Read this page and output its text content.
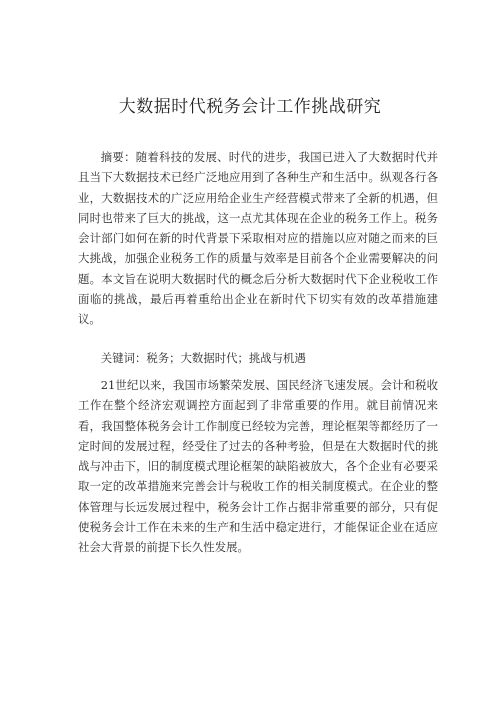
大数据时代税务会计工作挑战研究
摘要：随着科技的发展、时代的进步，我国已进入了大数据时代并且当下大数据技术已经广泛地应用到了各种生产和生活中。纵观各行各业，大数据技术的广泛应用给企业生产经营模式带来了全新的机遇，但同时也带来了巨大的挑战，这一点尤其体现在企业的税务工作上。税务会计部门如何在新的时代背景下采取相对应的措施以应对随之而来的巨大挑战，加强企业税务工作的质量与效率是目前各个企业需要解决的问题。本文旨在说明大数据时代的概念后分析大数据时代下企业税收工作面临的挑战，最后再着重给出企业在新时代下切实有效的改革措施建议。
关键词：税务；大数据时代；挑战与机遇
21世纪以来，我国市场繁荣发展、国民经济飞速发展。会计和税收工作在整个经济宏观调控方面起到了非常重要的作用。就目前情况来看，我国整体税务会计工作制度已经较为完善，理论框架等都经历了一定时间的发展过程，经受住了过去的各种考验，但是在大数据时代的挑战与冲击下，旧的制度模式理论框架的缺陷被放大，各个企业有必要采取一定的改革措施来完善会计与税收工作的相关制度模式。在企业的整体管理与长远发展过程中，税务会计工作占据非常重要的部分，只有促使税务会计工作在未来的生产和生活中稳定进行，才能保证企业在适应社会大背景的前提下长久性发展。
